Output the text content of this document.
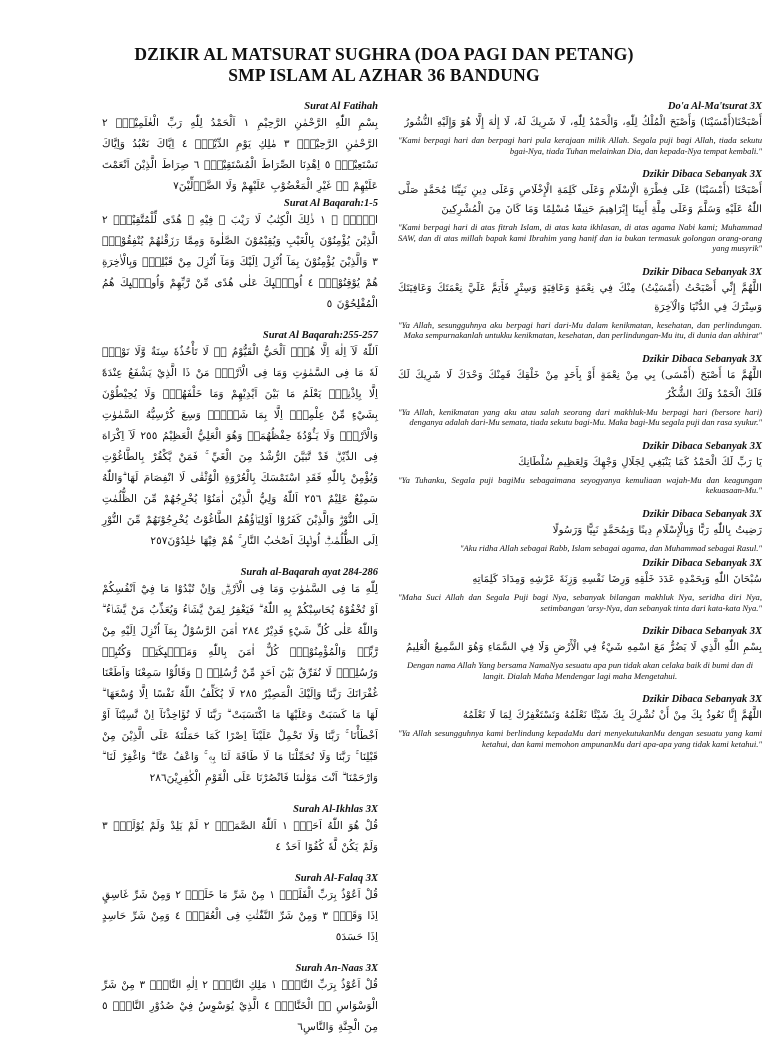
DZIKIR AL MATSURAT SUGHRA (DOA PAGI DAN PETANG)
SMP ISLAM AL AZHAR 36 BANDUNG
Surat Al Fatihah

بِسْمِ اللّٰهِ الرَّحْمٰنِ الرَّحِيْمِ ١ اَلْحَمْدُ لِلّٰهِ رَبِّ الْعٰلَمِيْنَۙ ٢ الرَّحْمٰنِ الرَّحِيْمِۙ ٣ مٰلِكِ يَوْمِ الدِّيْنِۗ ٤ اِيَّاكَ نَعْبُدُ وَاِيَّاكَ نَسْتَعِيْنُۗ ٥ اِهْدِنَا الصِّرَاطَ الْمُسْتَقِيْمَۙ ٦ صِرَاطَ الَّذِيْنَ اَنْعَمْتَ عَلَيْهِمْ ەۙ غَيْرِ الْمَغْضُوْبِ عَلَيْهِمْ وَلَا الضَّاۤلِّيْنَ٧

Surat Al Baqarah:1-5

الۤمّۤ ۚ ١ ذٰلِكَ الْكِتٰبُ لَا رَيْبَ ۛ فِيْهِ ۛ هُدًى لِّلْمُتَّقِيْنَۙ ٢ الَّذِيْنَ يُؤْمِنُوْنَ بِالْغَيْبِ وَيُقِيْمُوْنَ الصَّلٰوةَ وَمِمَّا رَزَقْنٰهُمْ يُنْفِقُوْنَۙ ٣ وَالَّذِيْنَ يُؤْمِنُوْنَ بِمَآ اُنْزِلَ اِلَيْكَ وَمَآ اُنْزِلَ مِنْ قَبْلِكَۚ وَبِالْاٰخِرَةِ هُمْ يُوْقِنُوْنَۗ ٤ اُولٰۤىِٕكَ عَلٰى هُدًى مِّنْ رَّبِّهِمْ وَاُولٰۤىِٕكَ هُمُ الْمُفْلِحُوْنَ ٥

Surat Al Baqarah:255-257

اَللّٰهُ لَآ اِلٰهَ اِلَّا هُوَۚ اَلْحَيُّ الْقَيُّوْمُ ەۚ لَا تَأْخُذُهٗ سِنَةٌ وَّلَا نَوْمٌۗ لَهٗ مَا فِى السَّمٰوٰتِ وَمَا فِى الْاَرْضِۗ مَنْ ذَا الَّذِيْ يَشْفَعُ عِنْدَهٗٓ اِلَّا بِاِذْنِهٖۗ يَعْلَمُ مَا بَيْنَ اَيْدِيْهِمْ وَمَا خَلْفَهُمْۚ وَلَا يُحِيْطُوْنَ بِشَيْءٍ مِّنْ عِلْمِهٖٓ اِلَّا بِمَا شَاۤءَۚ وَسِعَ كُرْسِيُّهُ السَّمٰوٰتِ وَالْاَرْضَۚ وَلَا يَـُٔوْدُهٗ حِفْظُهُمَاۚ وَهُوَ الْعَلِيُّ الْعَظِيْمُ ٢٥٥ لَآ اِكْرَاهَ فِى الدِّيْنِۗ قَدْ تَّبَيَّنَ الرُّشْدُ مِنَ الْغَيِّ ۚ فَمَنْ يَّكْفُرْ بِالطَّاغُوْتِ وَيُؤْمِنْ بِاللّٰهِ فَقَدِ اسْتَمْسَكَ بِالْعُرْوَةِ الْوُثْقٰى لَا انْفِصَامَ لَهَا ۗوَاللّٰهُ سَمِيْعٌ عَلِيْمٌ ٢٥٦ اَللّٰهُ وَلِيُّ الَّذِيْنَ اٰمَنُوْا يُخْرِجُهُمْ مِّنَ الظُّلُمٰتِ اِلَى النُّوْرِۗ وَالَّذِيْنَ كَفَرُوْٓا اَوْلِيَاۤؤُهُمُ الطَّاغُوْتُ يُخْرِجُوْنَهُمْ مِّنَ النُّوْرِ اِلَى الظُّلُمٰتِۗ اُولٰۤىِٕكَ اَصْحٰبُ النَّارِ ۚ هُمْ فِيْهَا خٰلِدُوْنَ٢٥٧

Surah al-Baqarah ayat 284-286

لِلّٰهِ مَا فِى السَّمٰوٰتِ وَمَا فِى الْاَرْضِۗ وَاِنْ تُبْدُوْا مَا فِيْٓ اَنْفُسِكُمْ اَوْ تُخْفُوْهُ يُحَاسِبْكُمْ بِهِ اللّٰهُ ۗ فَيَغْفِرُ لِمَنْ يَّشَاۤءُ وَيُعَذِّبُ مَنْ يَّشَاۤءُ ۗ وَاللّٰهُ عَلٰى كُلِّ شَيْءٍ قَدِيْرٌ ٢٨٤ اٰمَنَ الرَّسُوْلُ بِمَآ اُنْزِلَ اِلَيْهِ مِنْ رَّبِّهٖ وَالْمُؤْمِنُوْنَۗ كُلٌّ اٰمَنَ بِاللّٰهِ وَمَلٰۤىِٕكَتِهٖ وَكُتُبِهٖ وَرُسُلِهٖۗ لَا نُفَرِّقُ بَيْنَ اَحَدٍ مِّنْ رُّسُلِهٖ ۗ وَقَالُوْا سَمِعْنَا وَاَطَعْنَا غُفْرَانَكَ رَبَّنَا وَاِلَيْكَ الْمَصِيْرُ ٢٨٥ لَا يُكَلِّفُ اللّٰهُ نَفْسًا اِلَّا وُسْعَهَا ۗ لَهَا مَا كَسَبَتْ وَعَلَيْهَا مَا اكْتَسَبَتْ ۗ رَبَّنَا لَا تُؤَاخِذْنَآ اِنْ نَّسِيْنَآ اَوْ اَخْطَأْنَا ۚ رَبَّنَا وَلَا تَحْمِلْ عَلَيْنَآ اِصْرًا كَمَا حَمَلْتَهٗ عَلَى الَّذِيْنَ مِنْ قَبْلِنَا ۚ رَبَّنَا وَلَا تُحَمِّلْنَا مَا لَا طَاقَةَ لَنَا بِهٖ ۚ وَاعْفُ عَنَّا ۗ وَاغْفِرْ لَنَا ۗ وَارْحَمْنَا ۗ اَنْتَ مَوْلٰىنَا فَانْصُرْنَا عَلَى الْقَوْمِ الْكٰفِرِيْنَ٢٨٦

Surah Al-Ikhlas 3X

قُلْ هُوَ اللّٰهُ اَحَدٌۚ ١ اَللّٰهُ الصَّمَدُۚ ٢ لَمْ يَلِدْ وَلَمْ يُوْلَدْۙ ٣ وَلَمْ يَكُنْ لَّهٗ كُفُوًا اَحَدٌ ٤

Surah Al-Falaq 3X

قُلْ اَعُوْذُ بِرَبِّ الْفَلَقِۙ ١ مِنْ شَرِّ مَا خَلَقَۙ ٢ وَمِنْ شَرِّ غَاسِقٍ اِذَا وَقَبَۙ ٣ وَمِنْ شَرِّ النَّفّٰثٰتِ فِى الْعُقَدِۙ ٤ وَمِنْ شَرِّ حَاسِدٍ اِذَا حَسَدَ٥

Surah An-Naas 3X

قُلْ اَعُوْذُ بِرَبِّ النَّاسِۙ ١ مَلِكِ النَّاسِۙ ٢ اِلٰهِ النَّاسِۙ ٣ مِنْ شَرِّ الْوَسْوَاسِ ەۙ الْخَنَّاسِۖ ٤ الَّذِيْ يُوَسْوِسُ فِيْ صُدُوْرِ النَّاسِۙ ٥ مِنَ الْجِنَّةِ وَالنَّاسِ٦

Do'a Al-Ma'tsurat 3X

أَصْبَحْنَا(أَمْسَيْنَا) وَأَصْبَحَ الْمُلْكُ لِلّٰهِ، وَالْحَمْدُ لِلّٰهِ، لَا شَرِيكَ لَهُ، لَا إِلٰهَ إِلَّا هُوَ وَإِلَيْهِ النُّشُورُ

"Kami berpagi hari dan berpagi hari pula kerajaan milik Allah. Segala puji bagi Allah, tiada sekutu bgai-Nya, tiada Tuhan melainkan Dia, dan kepada-Nya tempat kembali."

Dzikir Dibaca Sebanyak 3X

أَصْبَحْنَا (أَمْسَيْنَا) عَلَى فِطْرَةِ الْإِسْلَامِ وَعَلَى كَلِمَةِ الْإِخْلَاصِ وَعَلَى دِينِ نَبِيِّنَا مُحَمَّدٍ صَلَّى اللّٰهُ عَلَيْهِ وَسَلَّمَ وَعَلَى مِلَّةِ أَبِينَا إِبْرَاهِيمَ حَنِيفًا مُسْلِمًا وَمَا كَانَ مِنَ الْمُشْرِكِينَ

"Kami berpagi hari di atas fitrah Islam, di atas kata ikhlasan, di atas agama Nabi kami; Muhammad SAW, dan di atas millah bapak kami Ibrahim yang hanif dan ia bukan termasuk golongan orang-orang yang musyrik"

Dzikir Dibaca Sebanyak 3X

اللَّهُمَّ إِنِّي أَصْبَحْتُ (أَمْسَيْتُ) مِنْكَ فِي نِعْمَةٍ وَعَافِيَةٍ وَسِتْرٍ فَأَتِمَّ عَلَيَّ نِعْمَتَكَ وَعَافِيَتَكَ وَسِتْرَكَ فِي الدُّنْيَا وَالْآخِرَةِ

"Ya Allah, sesungguhnya aku berpagi hari dari-Mu dalam kenikmatan, kesehatan, dan perlindungan. Maka sempurnakanlah untukku kenikmatan, kesehatan, dan perlindungan-Mu itu, di dunia dan akhirat"

Dzikir Dibaca Sebanyak 3X

اللَّهُمَّ مَا أَصْبَحَ (أَمْسَى) بِي مِنْ نِعْمَةٍ أَوْ بِأَحَدٍ مِنْ خَلْقِكَ فَمِنْكَ وَحْدَكَ لَا شَرِيكَ لَكَ فَلَكَ الْحَمْدُ وَلَكَ الشُّكْرُ

"Ya Allah, kenikmatan yang aku atau salah seorang dari makhluk-Mu berpagi hari (bersore hari) denganya adalah dari-Mu semata, tiada sekutu bagi-Mu. Maka bagi-Mu segala puji dan rasa syukur."

Dzikir Dibaca Sebanyak 3X

يَا رَبِّ لَكَ الْحَمْدُ كَمَا يَنْبَغِي لِجَلَالِ وَجْهِكَ وَلِعَظِيمِ سُلْطَانِكَ

"Ya Tuhanku, Segala puji bagiMu sebagaimana seyogyanya kemuliaan wajah-Mu dan keagungan kekuasaan-Mu."

Dzikir Dibaca Sebanyak 3X

رَضِيتُ بِاللّٰهِ رَبًّا وَبِالْإِسْلَامِ دِينًا وَبِمُحَمَّدٍ نَبِيًّا وَرَسُولًا

"Aku ridha Allah sebagai Rabb, Islam sebagai agama, dan Muhammad sebagai Rasul."

Dzikir Dibaca Sebanyak 3X

سُبْحَانَ اللّٰهِ وَبِحَمْدِهِ عَدَدَ خَلْقِهِ وَرِضَا نَفْسِهِ وَزِنَةَ عَرْشِهِ وَمِدَادَ كَلِمَاتِهِ

"Maha Suci Allah dan Segala Puji bagi Nya, sebanyak bilangan makhluk Nya, seridha diri Nya, setimbangan 'arsy-Nya, dan sebanyak tinta dari kata-kata Nya."

Dzikir Dibaca Sebanyak 3X

بِسْمِ اللّٰهِ الَّذِي لَا يَضُرُّ مَعَ اسْمِهِ شَيْءٌ فِي الْأَرْضِ وَلَا فِي السَّمَاءِ وَهُوَ السَّمِيعُ الْعَلِيمُ

Dengan nama Allah Yang bersama NamaNya sesuatu apa pun tidak akan celaka baik di bumi dan di langit. Dialah Maha Mendengar lagi maha Mengetahui.

Dzikir Dibaca Sebanyak 3X

اللَّهُمَّ إِنَّا نَعُوذُ بِكَ مِنْ أَنْ نُشْرِكَ بِكَ شَيْئًا نَعْلَمُهُ وَنَسْتَغْفِرُكَ لِمَا لَا نَعْلَمُهُ

"Ya Allah sesungguhnya kami berlindung kepadaMu dari menyekutukanMu dengan sesuatu yang kami ketahui, dan kami memohon ampunanMu dari apa-apa yang tidak kami ketahui."
